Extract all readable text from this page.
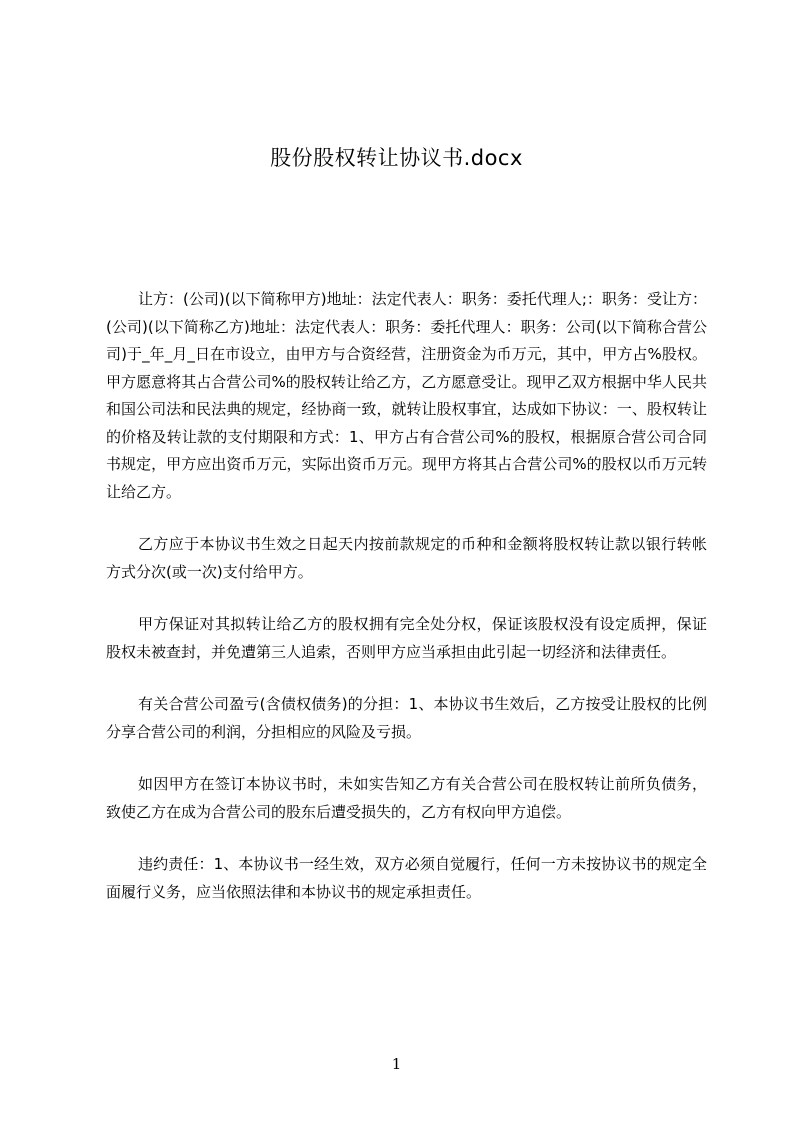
股份股权转让协议书.docx

让方：(公司)(以下简称甲方)地址：法定代表人：职务：委托代理人;：职务：受让方：(公司)(以下简称乙方)地址：法定代表人：职务：委托代理人：职务：公司(以下简称合营公司)于_年_月_日在市设立，由甲方与合资经营，注册资金为币万元，其中，甲方占%股权。甲方愿意将其占合营公司%的股权转让给乙方，乙方愿意受让。现甲乙双方根据中华人民共和国公司法和民法典的规定，经协商一致，就转让股权事宜，达成如下协议：一、股权转让的价格及转让款的支付期限和方式：1、甲方占有合营公司%的股权，根据原合营公司合同书规定，甲方应出资币万元，实际出资币万元。现甲方将其占合营公司%的股权以币万元转让给乙方。

乙方应于本协议书生效之日起天内按前款规定的币种和金额将股权转让款以银行转帐方式分次(或一次)支付给甲方。

甲方保证对其拟转让给乙方的股权拥有完全处分权，保证该股权没有设定质押，保证股权未被查封，并免遭第三人追索，否则甲方应当承担由此引起一切经济和法律责任。

有关合营公司盈亏(含债权债务)的分担：1、本协议书生效后，乙方按受让股权的比例分享合营公司的利润，分担相应的风险及亏损。

如因甲方在签订本协议书时，未如实告知乙方有关合营公司在股权转让前所负债务，致使乙方在成为合营公司的股东后遭受损失的，乙方有权向甲方追偿。

违约责任：1、本协议书一经生效，双方必须自觉履行，任何一方未按协议书的规定全面履行义务，应当依照法律和本协议书的规定承担责任。

1
